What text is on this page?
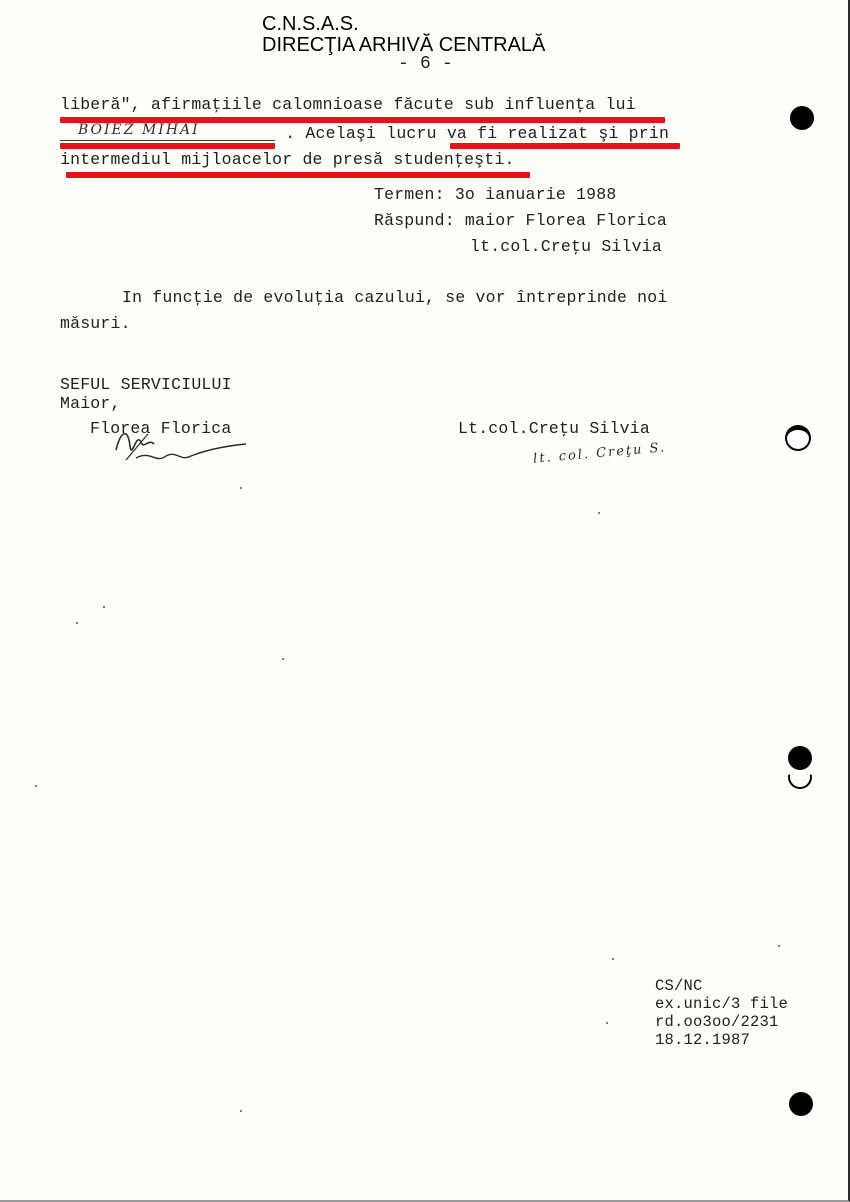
C.N.S.A.S.
DIRECŢIA ARHIVĂ CENTRALĂ
- 6 -
liberă", afirmaţiile calomnioase făcute sub influenţa lui
BOIEZ MIHAI	. Acelaşi lucru va fi realizat şi prin
intermediul mijloacelor de presă studenţeşti.
Termen: 3o ianuarie 1988
Răspund: maior Florea Florica
lt.col.Creţu Silvia
In funcţie de evoluţia cazului, se vor întreprinde noi
măsuri.
SEFUL SERVICIULUI
Maior,
Florea Florica	Lt.col.Creţu Silvia
lt. col. Creţu S.
CS/NC
ex.unic/3 file
rd.oo3oo/2231
18.12.1987
